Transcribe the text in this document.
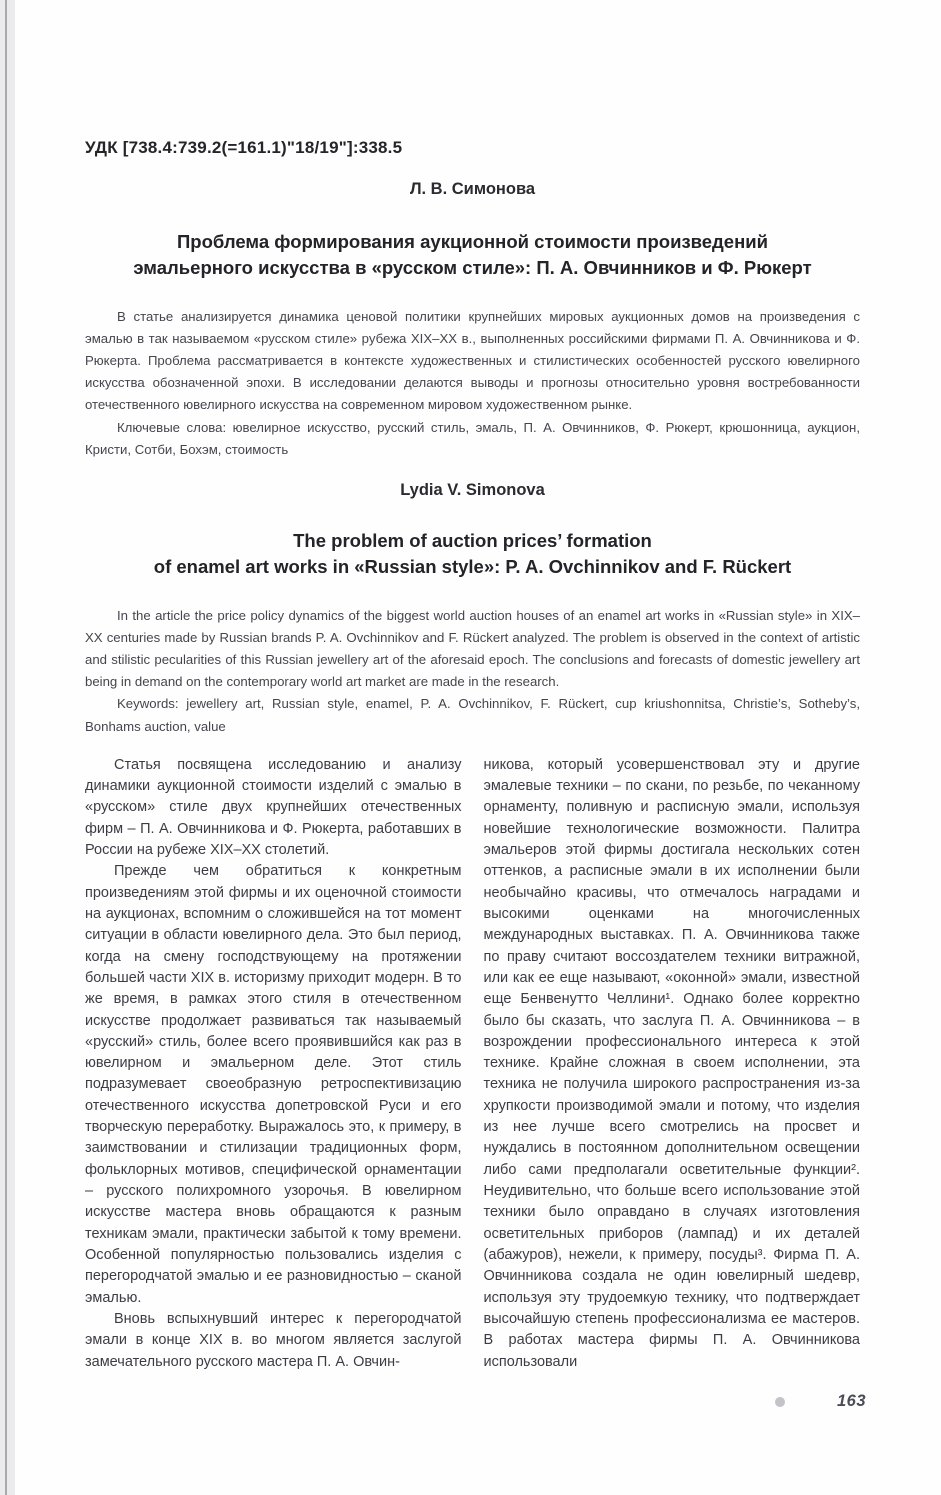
УДК [738.4:739.2(=161.1)"18/19"]:338.5

Л. В. Симонова

Проблема формирования аукционной стоимости произведений
эмальерного искусства в «русском стиле»: П. А. Овчинников и Ф. Рюкерт

В статье анализируется динамика ценовой политики крупнейших мировых аукционных домов на произведения с эмалью в так называемом «русском стиле» рубежа XIX–XX в., выполненных российскими фирмами П. А. Овчинникова и Ф. Рюкерта. Проблема рассматривается в контексте художественных и стилистических особенностей русского ювелирного искусства обозначенной эпохи. В исследовании делаются выводы и прогнозы относительно уровня востребованности отечественного ювелирного искусства на современном мировом художественном рынке.

Ключевые слова: ювелирное искусство, русский стиль, эмаль, П. А. Овчинников, Ф. Рюкерт, крюшонница, аукцион, Кристи, Сотби, Бохэм, стоимость

Lydia V. Simonova

The problem of auction prices’ formation
of enamel art works in «Russian style»: P. A. Ovchinnikov and F. Rückert

In the article the price policy dynamics of the biggest world auction houses of an enamel art works in «Russian style» in XIX–XX centuries made by Russian brands P. A. Ovchinnikov and F. Rückert analyzed. The problem is observed in the context of artistic and stilistic pecularities of this Russian jewellery art of the aforesaid epoch. The conclusions and forecasts of domestic jewellery art being in demand on the contemporary world art market are made in the research.

Keywords: jewellery art, Russian style, enamel, P. A. Ovchinnikov, F. Rückert, cup kriushonnitsa, Christie’s, Sotheby’s, Bonhams auction, value

Статья посвящена исследованию и анализу динамики аукционной стоимости изделий с эмалью в «русском» стиле двух крупнейших отечественных фирм – П. А. Овчинникова и Ф. Рюкерта, работавших в России на рубеже XIX–XX столетий.

Прежде чем обратиться к конкретным произведениям этой фирмы и их оценочной стоимости на аукционах, вспомним о сложившейся на тот момент ситуации в области ювелирного дела. Это был период, когда на смену господствующему на протяжении большей части XIX в. историзму приходит модерн. В то же время, в рамках этого стиля в отечественном искусстве продолжает развиваться так называемый «русский» стиль, более всего проявившийся как раз в ювелирном и эмальерном деле. Этот стиль подразумевает своеобразную ретроспективизацию отечественного искусства допетровской Руси и его творческую переработку. Выражалось это, к примеру, в заимствовании и стилизации традиционных форм, фольклорных мотивов, специфической орнаментации – русского полихромного узорочья. В ювелирном искусстве мастера вновь обращаются к разным техникам эмали, практически забытой к тому времени. Особенной популярностью пользовались изделия с перегородчатой эмалью и ее разновидностью – сканой эмалью.

Вновь вспыхнувший интерес к перегородчатой эмали в конце XIX в. во многом является заслугой замечательного русского мастера П. А. Овчин-

никова, который усовершенствовал эту и другие эмалевые техники – по скани, по резьбе, по чеканному орнаменту, поливную и расписную эмали, используя новейшие технологические возможности. Палитра эмальеров этой фирмы достигала нескольких сотен оттенков, а расписные эмали в их исполнении были необычайно красивы, что отмечалось наградами и высокими оценками на многочисленных международных выставках. П. А. Овчинникова также по праву считают воссоздателем техники витражной, или как ее еще называют, «оконной» эмали, известной еще Бенвенутто Челлини¹. Однако более корректно было бы сказать, что заслуга П. А. Овчинникова – в возрождении профессионального интереса к этой технике. Крайне сложная в своем исполнении, эта техника не получила широкого распространения из-за хрупкости производимой эмали и потому, что изделия из нее лучше всего смотрелись на просвет и нуждались в постоянном дополнительном освещении либо сами предполагали осветительные функции². Неудивительно, что больше всего использование этой техники было оправдано в случаях изготовления осветительных приборов (лампад) и их деталей (абажуров), нежели, к примеру, посуды³. Фирма П. А. Овчинникова создала не один ювелирный шедевр, используя эту трудоемкую технику, что подтверждает высочайшую степень профессионализма ее мастеров. В работах мастера фирмы П. А. Овчинникова использовали

163
